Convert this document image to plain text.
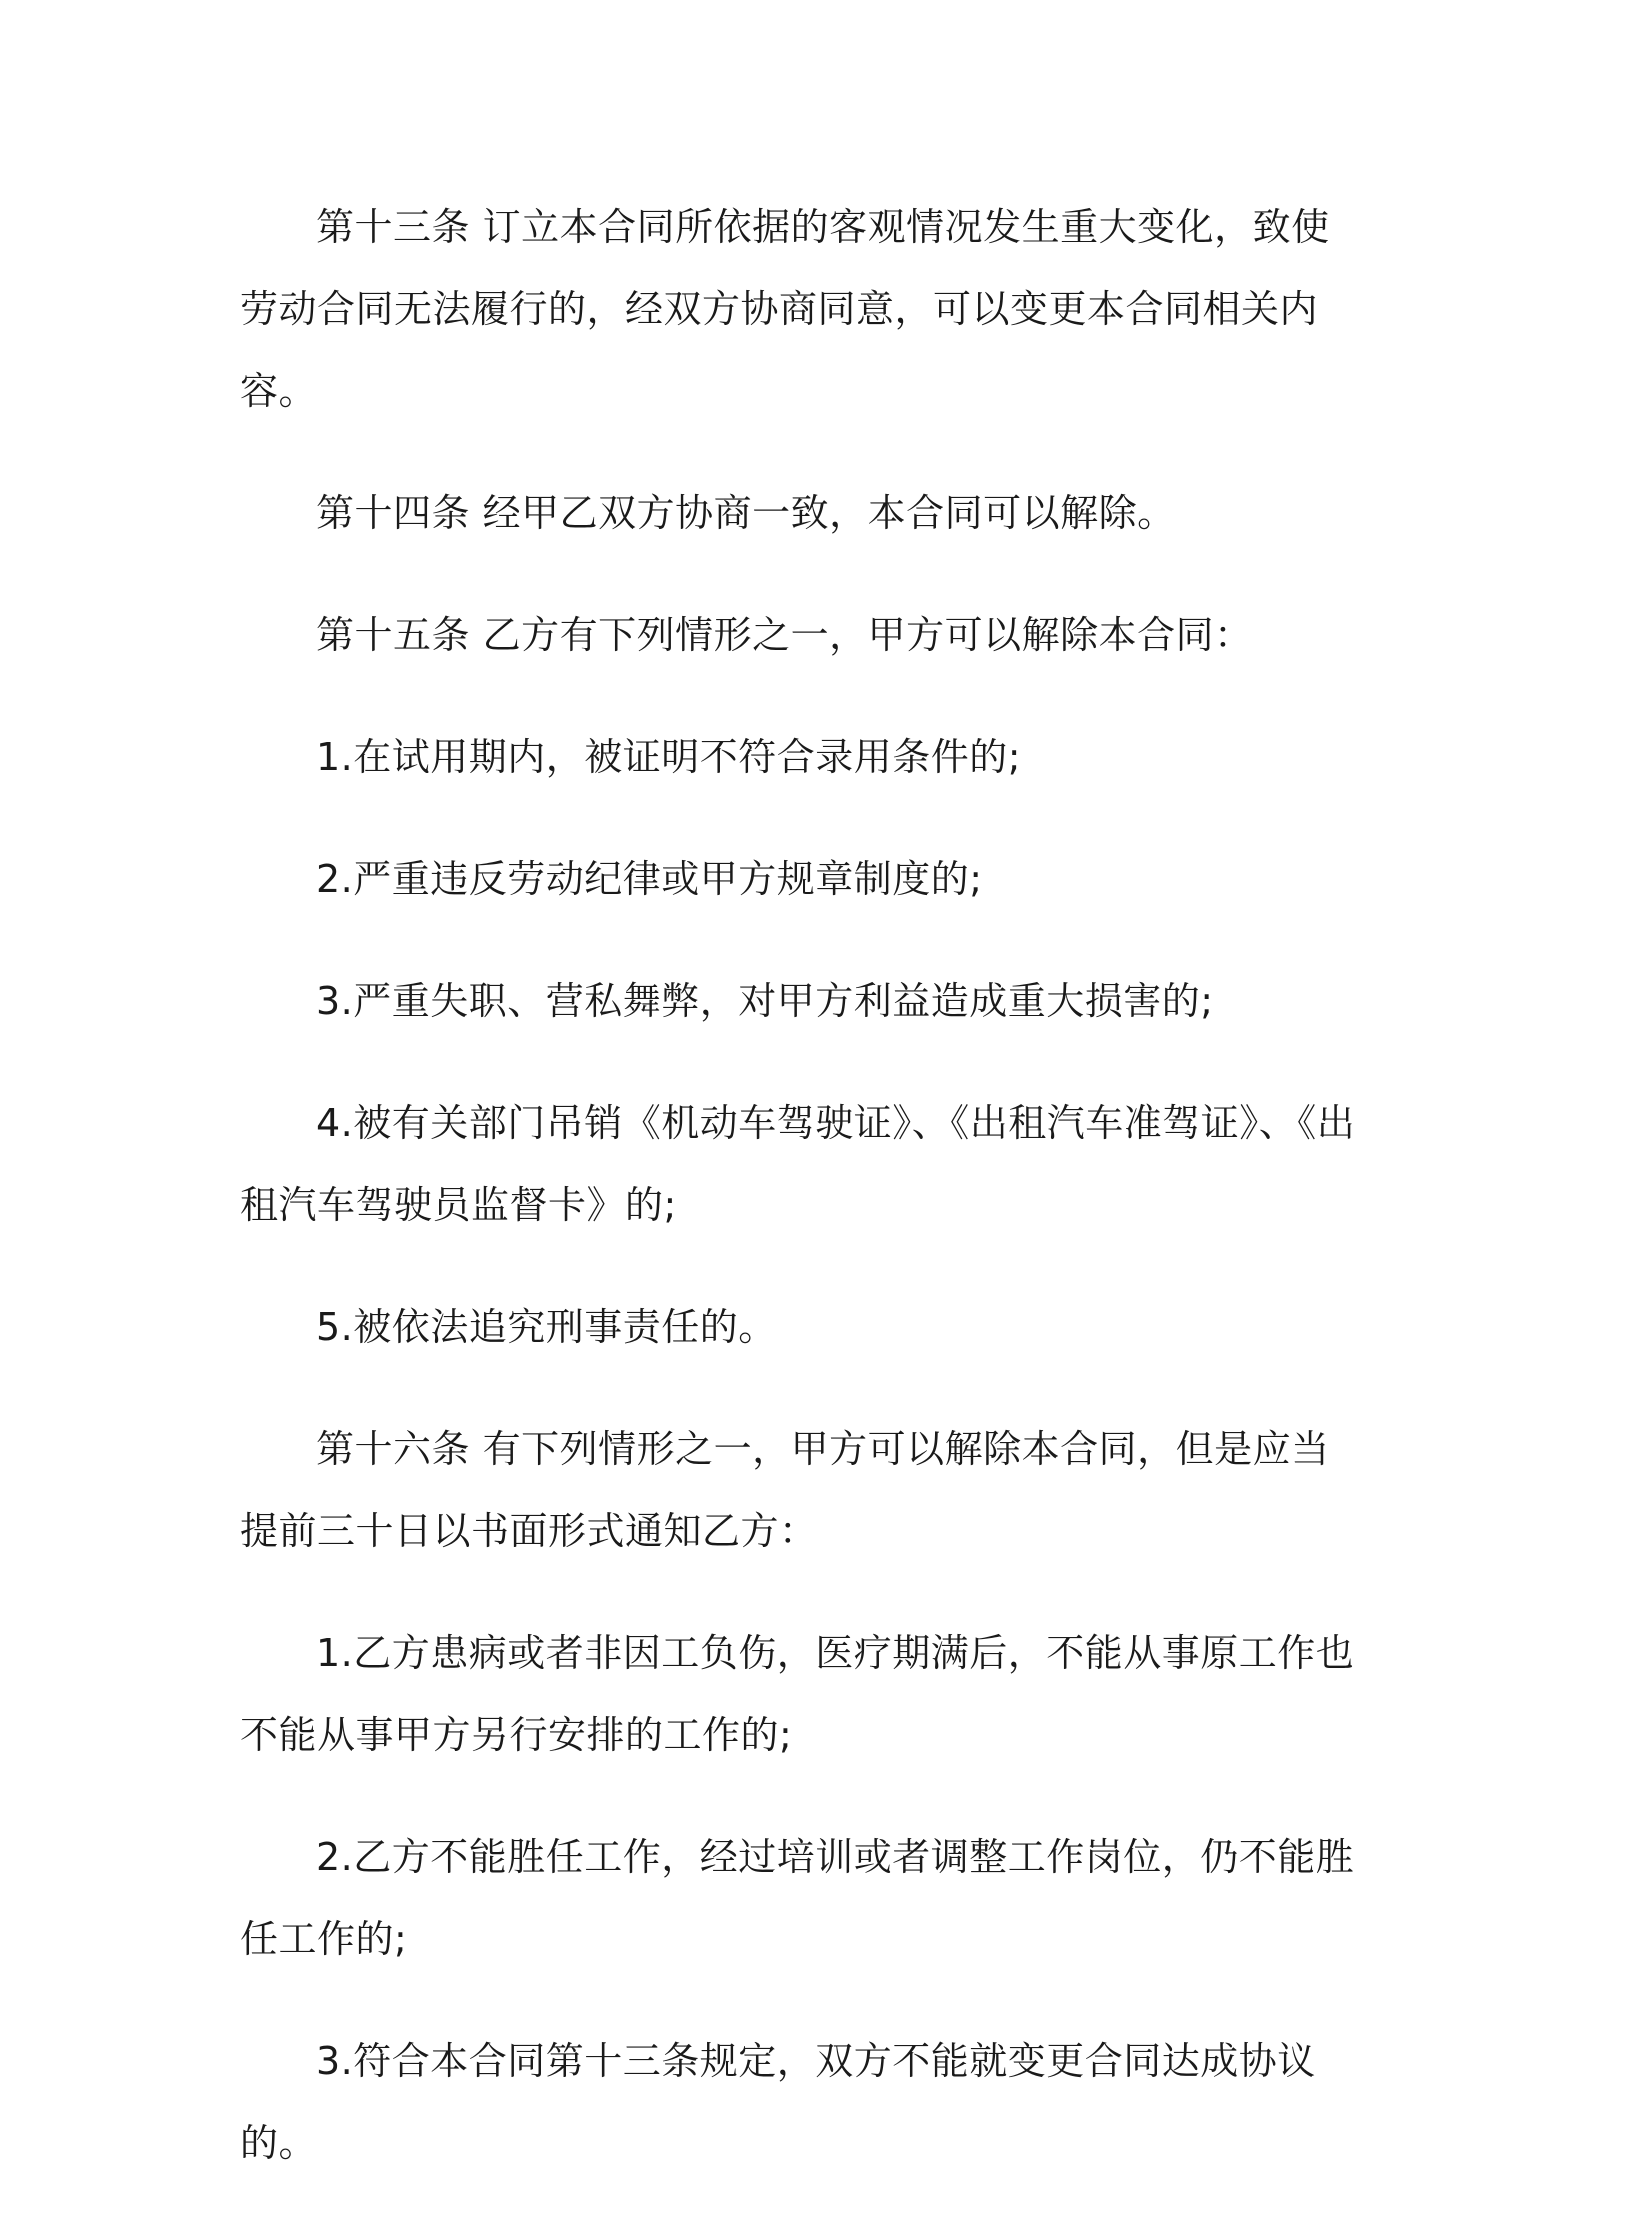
第十三条 订立本合同所依据的客观情况发生重大变化，致使劳动合同无法履行的，经双方协商同意，可以变更本合同相关内容。

第十四条 经甲乙双方协商一致，本合同可以解除。

第十五条 乙方有下列情形之一，甲方可以解除本合同：

1.在试用期内，被证明不符合录用条件的;

2.严重违反劳动纪律或甲方规章制度的;

3.严重失职、营私舞弊，对甲方利益造成重大损害的;

4.被有关部门吊销《机动车驾驶证》、《出租汽车准驾证》、《出租汽车驾驶员监督卡》的;

5.被依法追究刑事责任的。

第十六条 有下列情形之一，甲方可以解除本合同，但是应当提前三十日以书面形式通知乙方：

1.乙方患病或者非因工负伤，医疗期满后，不能从事原工作也不能从事甲方另行安排的工作的;

2.乙方不能胜任工作，经过培训或者调整工作岗位，仍不能胜任工作的;

3.符合本合同第十三条规定，双方不能就变更合同达成协议的。
